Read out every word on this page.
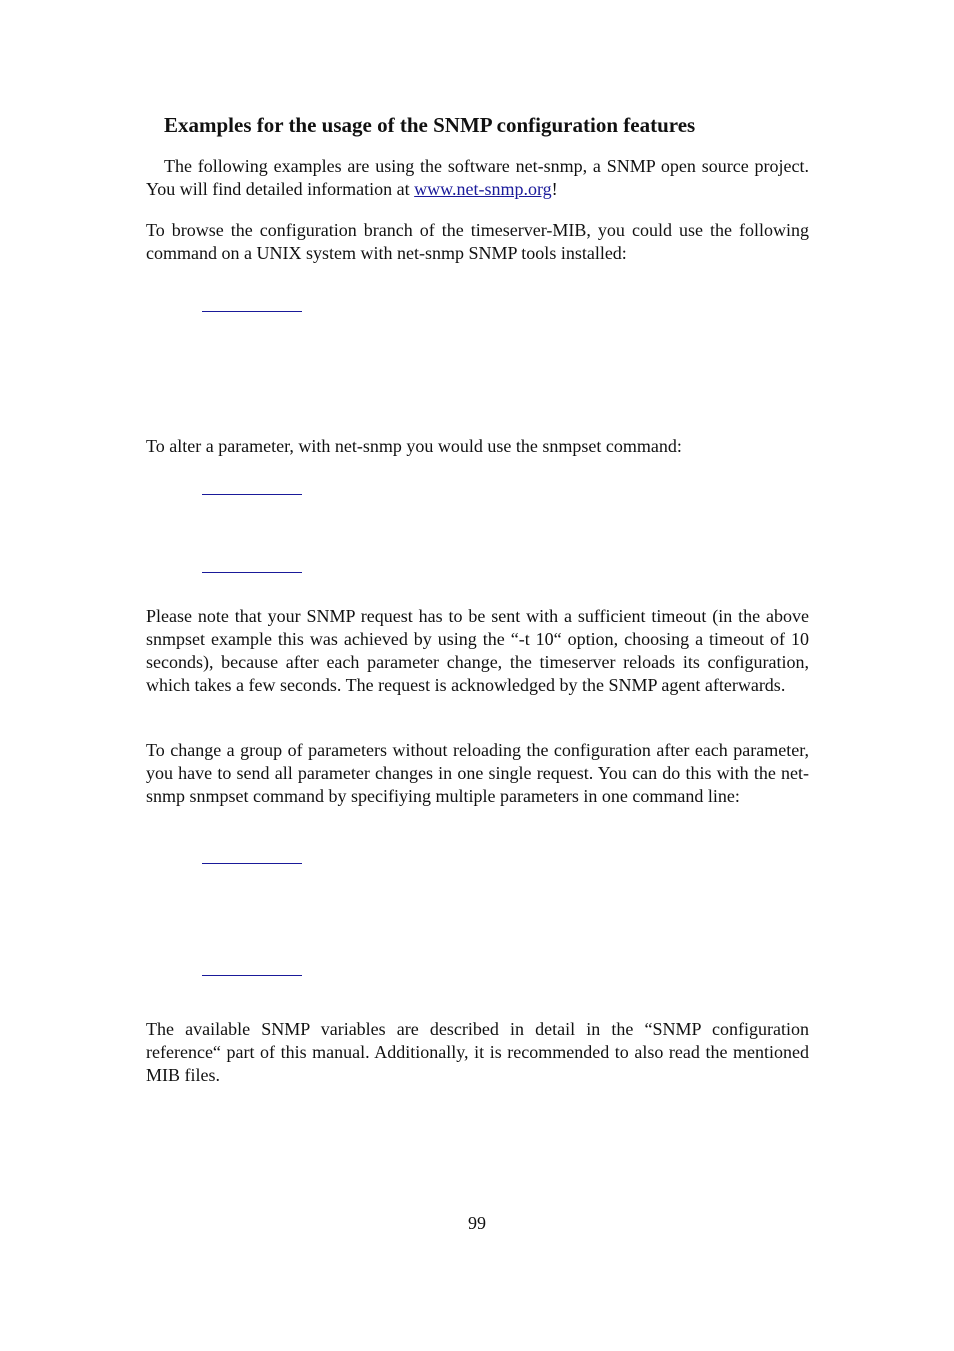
Examples for the usage of the SNMP configuration features

The following examples are using the software net-snmp, a SNMP open source project. You will find detailed information at www.net-snmp.org!

To browse the configuration branch of the timeserver-MIB, you could use the following command on a UNIX system with net-snmp SNMP tools installed:

To alter a parameter, with net-snmp you would use the snmpset command:

Please note that your SNMP request has to be sent with a sufficient timeout (in the above snmpset example this was achieved by using the “-t 10“ option, choosing a timeout of 10 seconds), because after each parameter change, the timeserver reloads its configuration, which takes a few seconds. The request is acknowledged by the SNMP agent afterwards.

To change a group of parameters without reloading the configuration after each parameter, you have to send all parameter changes in one single request. You can do this with the net-snmp snmpset command by specifiying multiple parameters in one command line:

The available SNMP variables are described in detail in the “SNMP configuration reference“ part of this manual. Additionally, it is recommended to also read the mentioned MIB files.

99
